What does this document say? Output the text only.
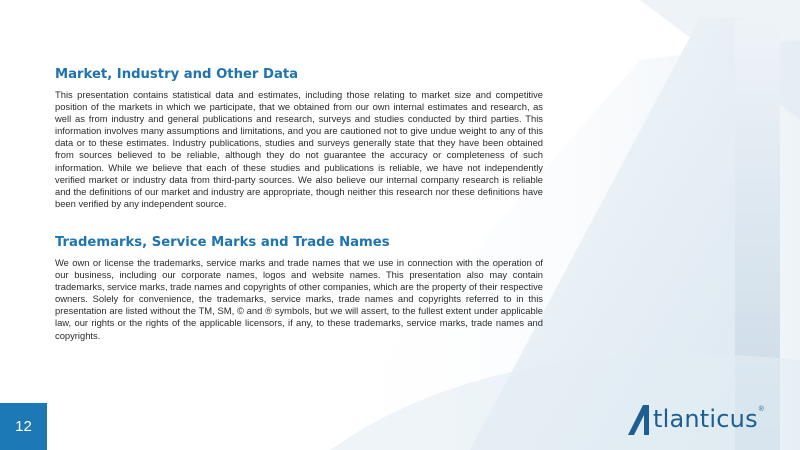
Market, Industry and Other Data

This presentation contains statistical data and estimates, including those relating to market size and competitive position of the markets in which we participate, that we obtained from our own internal estimates and research, as well as from industry and general publications and research, surveys and studies conducted by third parties. This information involves many assumptions and limitations, and you are cautioned not to give undue weight to any of this data or to these estimates. Industry publications, studies and surveys generally state that they have been obtained from sources believed to be reliable, although they do not guarantee the accuracy or completeness of such information. While we believe that each of these studies and publications is reliable, we have not independently verified market or industry data from third-party sources. We also believe our internal company research is reliable and the definitions of our market and industry are appropriate, though neither this research nor these definitions have been verified by any independent source.

Trademarks, Service Marks and Trade Names

We own or license the trademarks, service marks and trade names that we use in connection with the operation of our business, including our corporate names, logos and website names. This presentation also may contain trademarks, service marks, trade names and copyrights of other companies, which are the property of their respective owners. Solely for convenience, the trademarks, service marks, trade names and copyrights referred to in this presentation are listed without the TM, SM, © and ® symbols, but we will assert, to the fullest extent under applicable law, our rights or the rights of the applicable licensors, if any, to these trademarks, service marks, trade names and copyrights.

12	tlanticus ®
